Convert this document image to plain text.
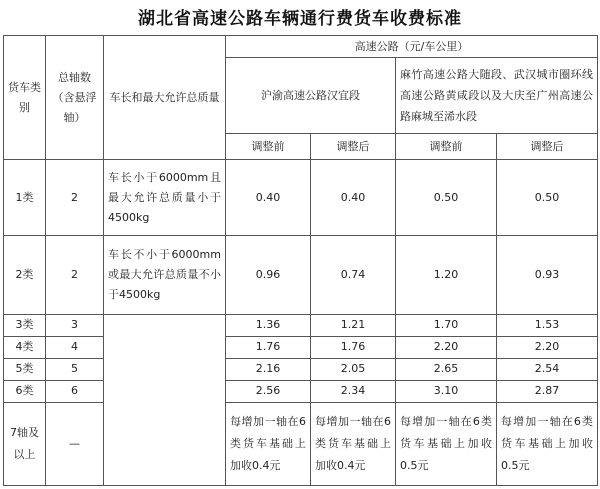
湖北省高速公路车辆通行费货车收费标准
货车类别	总轴数（含悬浮轴）	车长和最大允许总质量	高速公路（元/车公里）			
			沪渝高速公路汉宜段		麻竹高速公路大随段、武汉城市圈环线高速公路黄咸段以及大庆至广州高速公路麻城至浠水段	
			调整前	调整后	调整前	调整后
1类	2	车长小于6000mm且最大允许总质量小于4500kg	0.40	0.40	0.50	0.50
2类	2	车长不小于6000mm或最大允许总质量不小于4500kg	0.96	0.74	1.20	0.93
3类	3		1.36	1.21	1.70	1.53
4类	4		1.76	1.76	2.20	2.20
5类	5		2.16	2.05	2.65	2.54
6类	6		2.56	2.34	3.10	2.87
7轴及以上	—		每增加一轴在6类货车基础上加收0.4元	每增加一轴在6类货车基础上加收0.4元	每增加一轴在6类货车基础上加收0.5元	每增加一轴在6类货车基础上加收0.5元
